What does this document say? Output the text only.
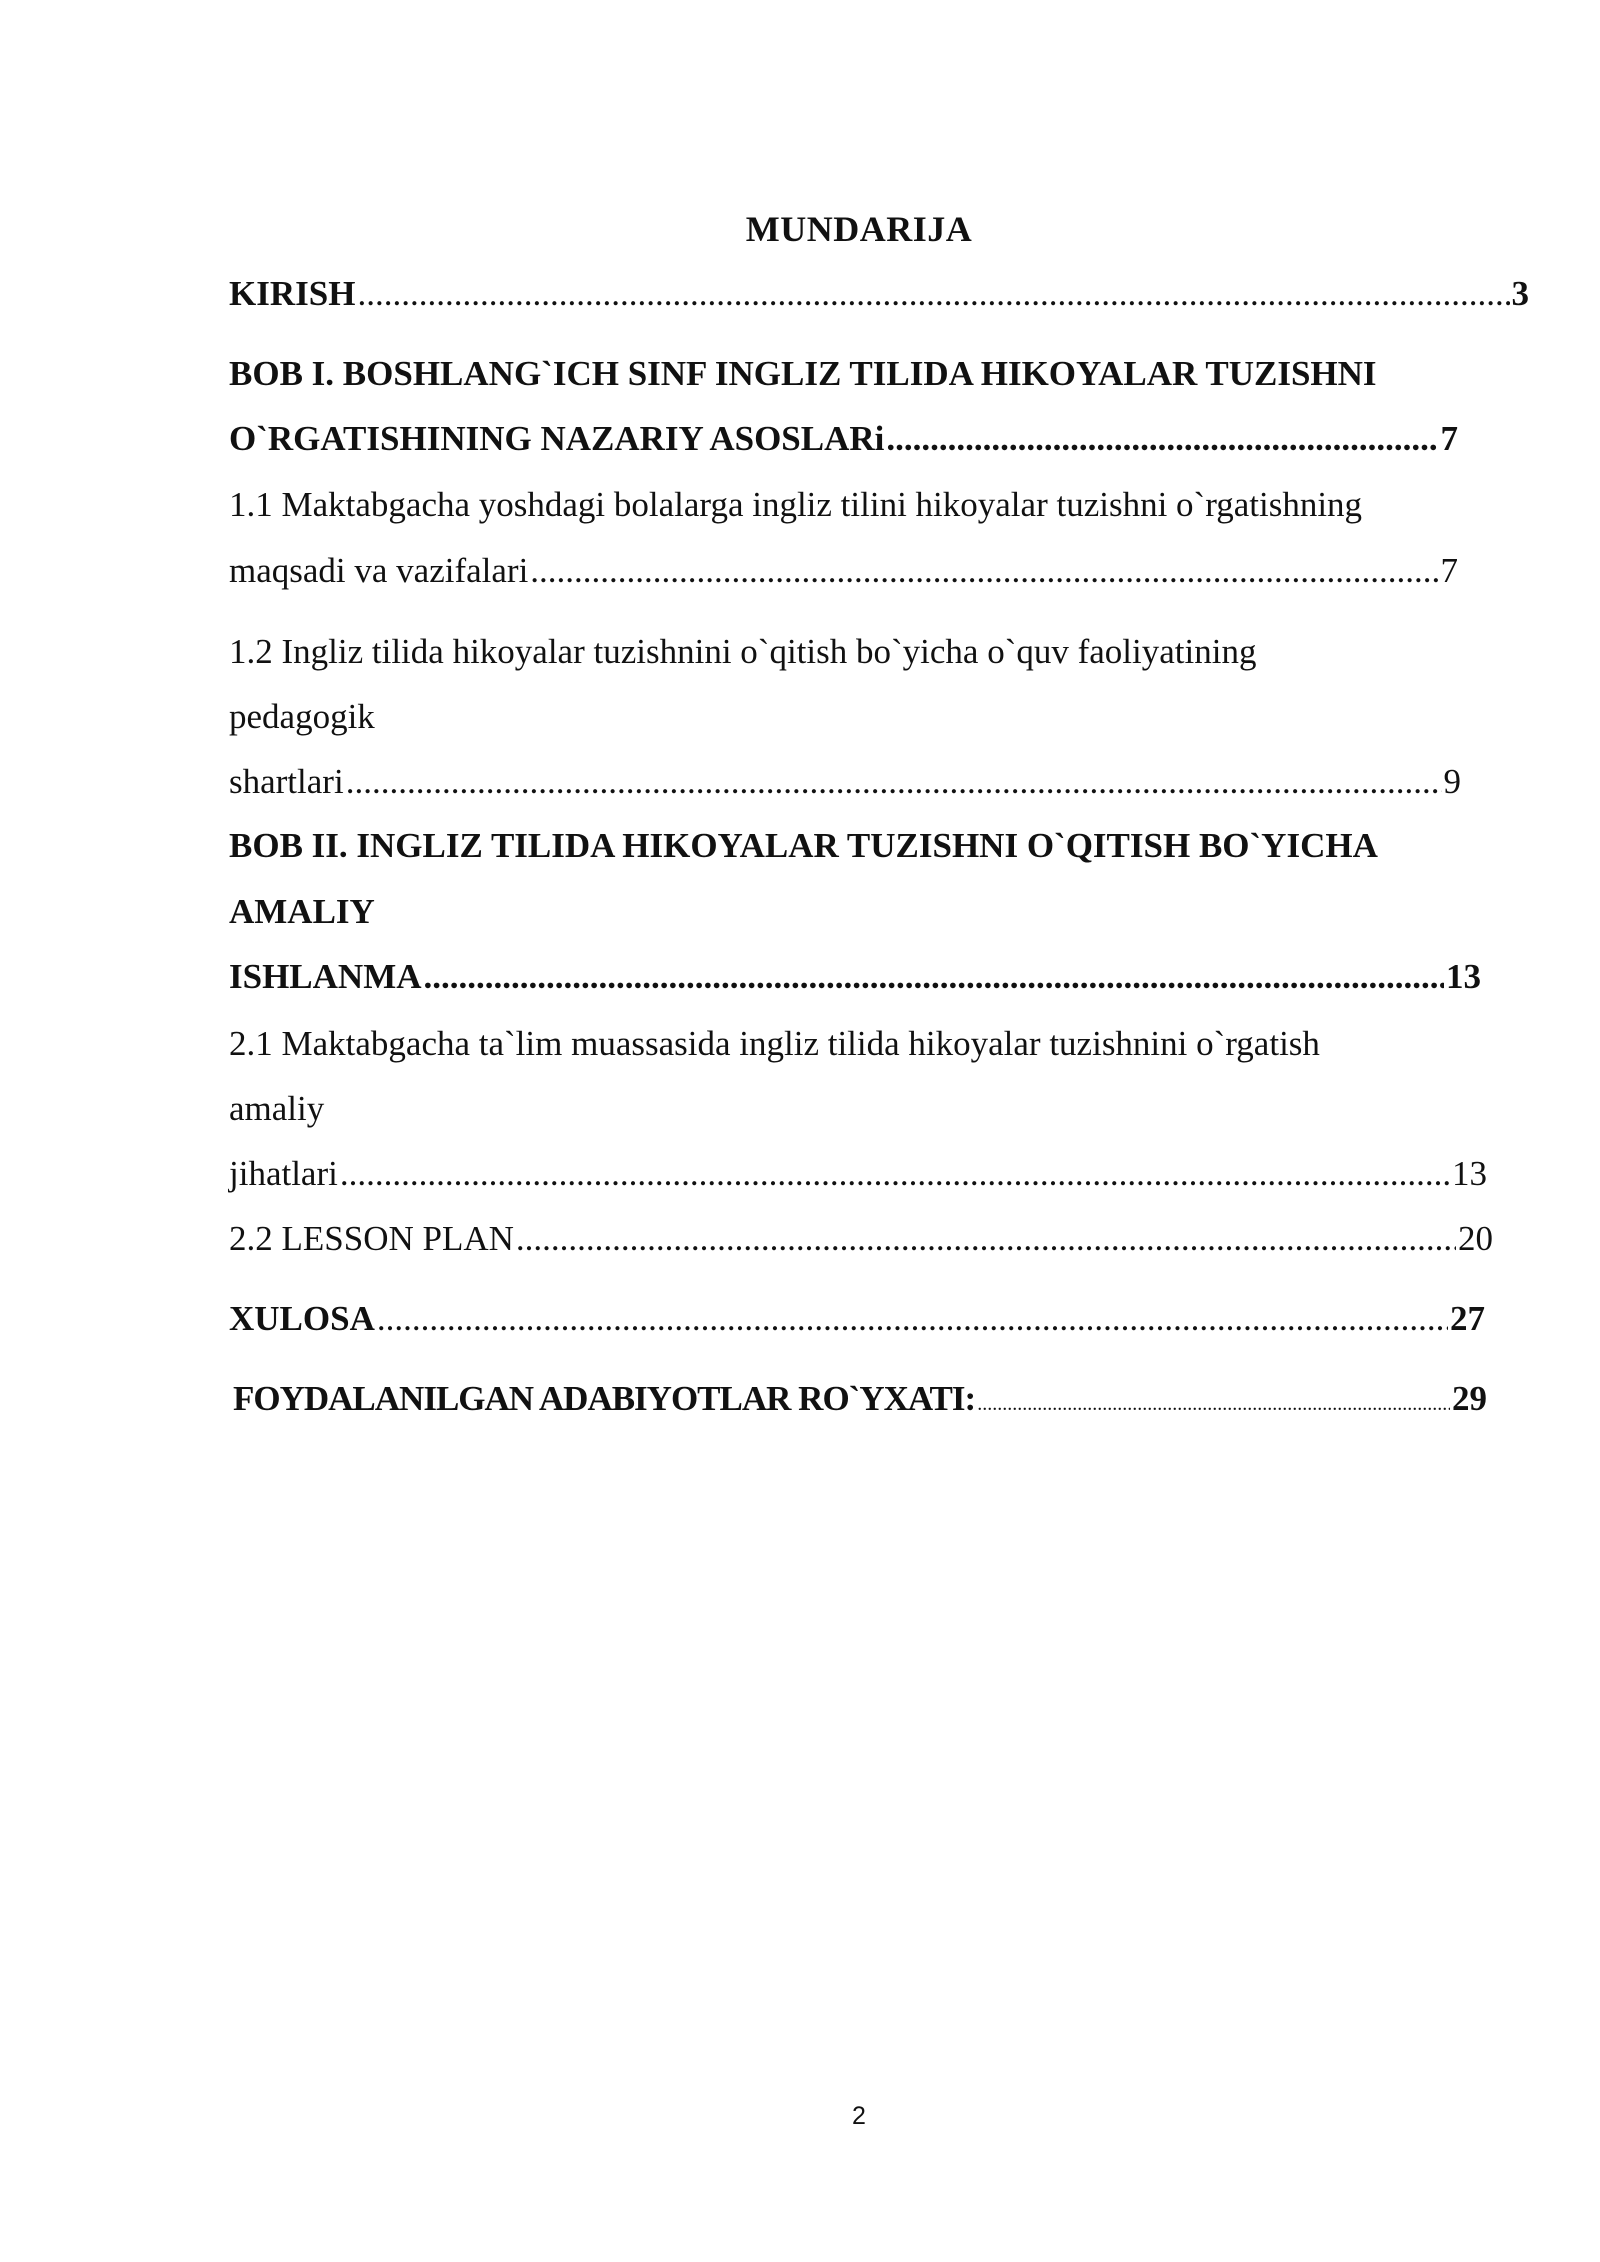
MUNDARIJA
KIRISH .....	3
BOB I. BOSHLANG`ICH SINF INGLIZ TILIDA HIKOYALAR TUZISHNI
O`RGATISHINING NAZARIY ASOSLARi .....	7
1.1 Maktabgacha yoshdagi bolalarga ingliz tilini hikoyalar tuzishni o`rgatishning
maqsadi va vazifalari .....	7
1.2 Ingliz tilida hikoyalar tuzishnini o`qitish bo`yicha o`quv faoliyatining
pedagogik
shartlari .....	9
BOB II. INGLIZ TILIDA HIKOYALAR TUZISHNI O`QITISH BO`YICHA
AMALIY
ISHLANMA .....	13
2.1 Maktabgacha ta`lim muassasida ingliz tilida hikoyalar tuzishnini o`rgatish
amaliy
jihatlari .....	13
2.2 LESSON PLAN .....	20
XULOSA .....	27
FOYDALANILGAN ADABIYOTLAR RO`YXATI: .....	29
2
